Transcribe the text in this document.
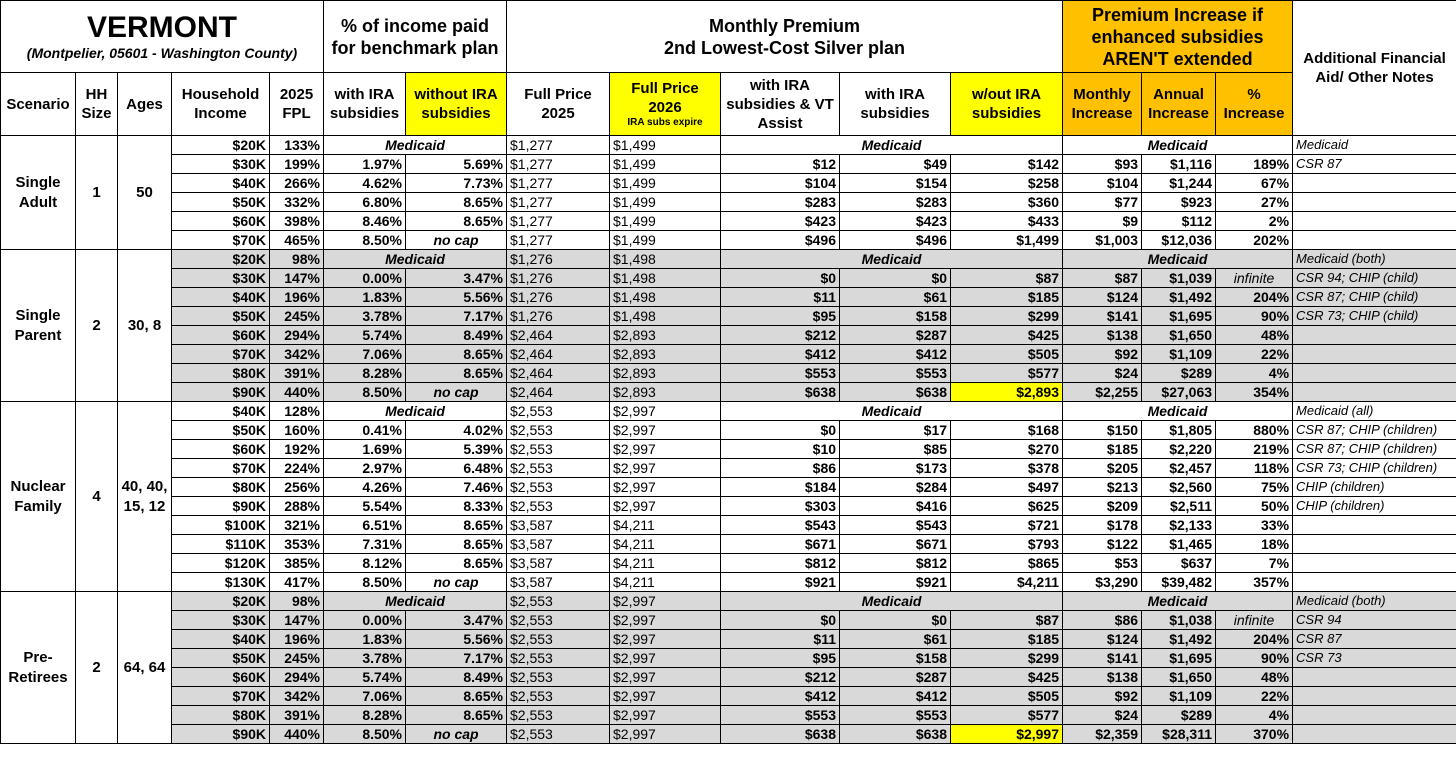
VERMONT
(Montpelier, 05601 - Washington County)					% of income paid for benchmark plan		Monthly Premium
2nd Lowest-Cost Silver plan					Premium Increase if enhanced subsidies AREN'T extended			Additional Financial Aid/ Other Notes
Scenario	HH Size	Ages	Household Income	2025 FPL	with IRA subsidies	without IRA subsidies	Full Price 2025	Full Price 2026
IRA subs expire	with IRA subsidies & VT Assist	with IRA subsidies	w/out IRA subsidies	Monthly Increase	Annual Increase	% Increase	
Single Adult	1	50	$20K	133%	Medicaid		$1,277	$1,499	Medicaid			Medicaid			Medicaid
			$30K	199%	1.97%	5.69%	$1,277	$1,499	$12	$49	$142	$93	$1,116	189%	CSR 87
			$40K	266%	4.62%	7.73%	$1,277	$1,499	$104	$154	$258	$104	$1,244	67%	
			$50K	332%	6.80%	8.65%	$1,277	$1,499	$283	$283	$360	$77	$923	27%	
			$60K	398%	8.46%	8.65%	$1,277	$1,499	$423	$423	$433	$9	$112	2%	
			$70K	465%	8.50%	no cap	$1,277	$1,499	$496	$496	$1,499	$1,003	$12,036	202%	
Single Parent	2	30, 8	$20K	98%	Medicaid		$1,276	$1,498	Medicaid			Medicaid			Medicaid (both)
			$30K	147%	0.00%	3.47%	$1,276	$1,498	$0	$0	$87	$87	$1,039	infinite	CSR 94; CHIP (child)
			$40K	196%	1.83%	5.56%	$1,276	$1,498	$11	$61	$185	$124	$1,492	204%	CSR 87; CHIP (child)
			$50K	245%	3.78%	7.17%	$1,276	$1,498	$95	$158	$299	$141	$1,695	90%	CSR 73; CHIP (child)
			$60K	294%	5.74%	8.49%	$2,464	$2,893	$212	$287	$425	$138	$1,650	48%	
			$70K	342%	7.06%	8.65%	$2,464	$2,893	$412	$412	$505	$92	$1,109	22%	
			$80K	391%	8.28%	8.65%	$2,464	$2,893	$553	$553	$577	$24	$289	4%	
			$90K	440%	8.50%	no cap	$2,464	$2,893	$638	$638	$2,893	$2,255	$27,063	354%	
Nuclear Family	4	40, 40, 15, 12	$40K	128%	Medicaid		$2,553	$2,997	Medicaid			Medicaid			Medicaid (all)
			$50K	160%	0.41%	4.02%	$2,553	$2,997	$0	$17	$168	$150	$1,805	880%	CSR 87; CHIP (children)
			$60K	192%	1.69%	5.39%	$2,553	$2,997	$10	$85	$270	$185	$2,220	219%	CSR 87; CHIP (children)
			$70K	224%	2.97%	6.48%	$2,553	$2,997	$86	$173	$378	$205	$2,457	118%	CSR 73; CHIP (children)
			$80K	256%	4.26%	7.46%	$2,553	$2,997	$184	$284	$497	$213	$2,560	75%	CHIP (children)
			$90K	288%	5.54%	8.33%	$2,553	$2,997	$303	$416	$625	$209	$2,511	50%	CHIP (children)
			$100K	321%	6.51%	8.65%	$3,587	$4,211	$543	$543	$721	$178	$2,133	33%	
			$110K	353%	7.31%	8.65%	$3,587	$4,211	$671	$671	$793	$122	$1,465	18%	
			$120K	385%	8.12%	8.65%	$3,587	$4,211	$812	$812	$865	$53	$637	7%	
			$130K	417%	8.50%	no cap	$3,587	$4,211	$921	$921	$4,211	$3,290	$39,482	357%	
Pre-Retirees	2	64, 64	$20K	98%	Medicaid		$2,553	$2,997	Medicaid			Medicaid			Medicaid (both)
			$30K	147%	0.00%	3.47%	$2,553	$2,997	$0	$0	$87	$86	$1,038	infinite	CSR 94
			$40K	196%	1.83%	5.56%	$2,553	$2,997	$11	$61	$185	$124	$1,492	204%	CSR 87
			$50K	245%	3.78%	7.17%	$2,553	$2,997	$95	$158	$299	$141	$1,695	90%	CSR 73
			$60K	294%	5.74%	8.49%	$2,553	$2,997	$212	$287	$425	$138	$1,650	48%	
			$70K	342%	7.06%	8.65%	$2,553	$2,997	$412	$412	$505	$92	$1,109	22%	
			$80K	391%	8.28%	8.65%	$2,553	$2,997	$553	$553	$577	$24	$289	4%	
			$90K	440%	8.50%	no cap	$2,553	$2,997	$638	$638	$2,997	$2,359	$28,311	370%	
